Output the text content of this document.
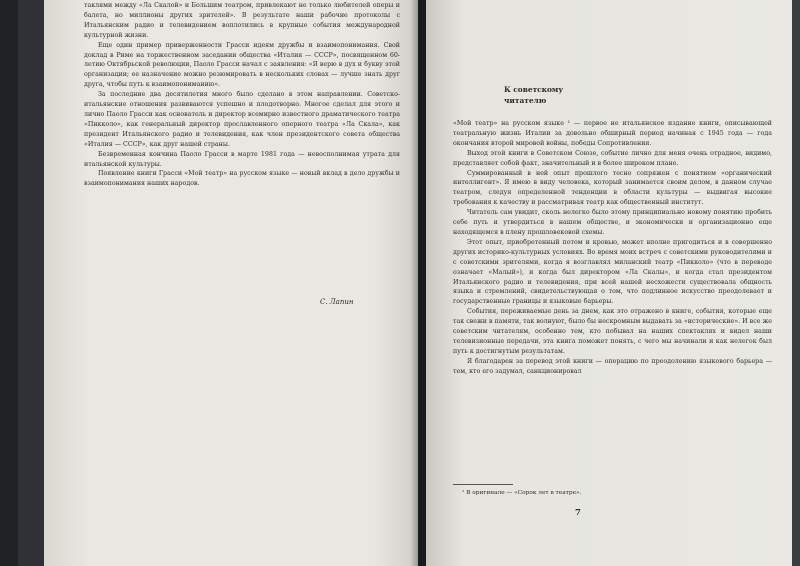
таклями между «Ла Скалой» и Большим театром, привлекают не только любителей оперы и балета, но миллионы других зрителей». В результате наши рабочие протоколы с Итальянским радио и телевидением воплотились в крупные события международной культурной жизни.

Еще один пример приверженности Грасси идеям дружбы и взаимопонимания. Свой доклад в Риме на торжественном заседании общества «Италия — СССР», посвященном 60-летию Октябрьской революции, Паоло Грасси начал с заявления: «Я верю в дух и букву этой организации; ее назначение можно резюмировать в нескольких словах — лучше знать друг друга, чтобы путь к взаимопониманию».

За последние два десятилетия много было сделано в этом направлении. Советско-итальянские отношения развиваются успешно и плодотворно. Многое сделал для этого и лично Паоло Грасси как основатель и директор всемирно известного драматического театра «Пикколо», как генеральный директор прославленного оперного театра «Ла Скала», как президент Итальянского радио и телевидения, как член президентского совета общества «Италия — СССР», как друг нашей страны.

Безвременная кончина Паоло Грасси в марте 1981 года — невосполнимая утрата для итальянской культуры.

Появление книги Грасси «Мой театр» на русском языке — новый вклад в дело дружбы и взаимопонимания наших народов.

С. Лапин
К советскому
читателю

«Мой театр» на русском языке ¹ — первое не итальянское издание книги, описывающей театральную жизнь Италии за довольно обширный период начиная с 1945 года — года окончания второй мировой войны, победы Сопротивления.

Выход этой книги в Советском Союзе, событие лично для меня очень отрадное, видимо, представляет собой факт, значительный и в более широком плане.

Суммированный в ней опыт прошлого тесно сопряжен с понятием «органический интеллигент». Я имею в виду человека, который занимается своим делом, в данном случае театром, следуя определенной тенденции в области культуры — выдвигая высокие требования к качеству и рассматривая театр как общественный институт.

Читатель сам увидит, сколь нелегко было этому принципиально новому понятию пробить себе путь и утвердиться в нашем обществе, и экономически и организационно еще находящемся в плену прошловековой схемы.

Этот опыт, приобретенный потом и кровью, может вполне пригодиться и в совершенно других историко-культурных условиях. Во время моих встреч с советскими руководителями и с советскими зрителями, когда я возглавлял миланский театр «Пикколо» (что в переводе означает «Малый»), и когда был директором «Ла Скалы», и когда стал президентом Итальянского радио и телевидения, при всей нашей несхожести существовала общность языка и стремлений, свидетельствующая о том, что подлинное искусство преодолевает и государственные границы и языковые барьеры.

События, переживаемые день за днем, как это отражено в книге, события, которые еще так свежи в памяти, так волнуют, было бы нескромным выдавать за «исторические». И все же советским читателям, особенно тем, кто побывал на наших спектаклях и видел наши телевизионные передачи, эта книга поможет понять, с чего мы начинали и как нелегок был путь к достигнутым результатам.

Я благодарен за перевод этой книги — операцию по преодолению языкового барьера — тем, кто его задумал, санкционировал

¹ В оригинале — «Сорок лет в театре».
7
